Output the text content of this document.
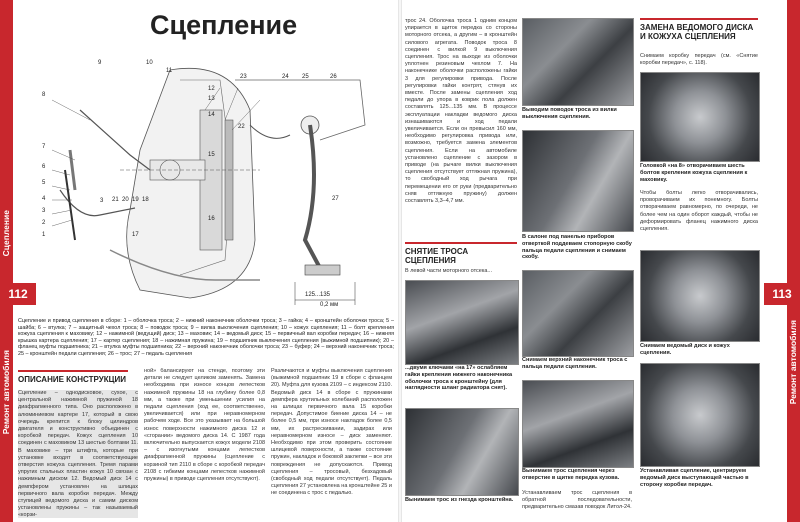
Сцепление
Ремонт автомобиля
112	113
Ремонт автомобиля
Сцепление
9
8
7
6
5
4
3
2
1
3
10
11
12
13
14
15
16
21 20 19 18
17
23	24 25	26
22
27
125...135
0,2 мм
Сцепление и привод сцепления в сборе: 1 – оболочка троса; 2 – нижний наконечник оболочки троса; 3 – гайка; 4 – кронштейн оболочки троса; 5 – шайба; 6 – втулка; 7 – защитный чехол троса; 8 – поводок троса; 9 – вилка выключения сцепления; 10 – кожух сцепления; 11 – болт крепления кожуха сцепления к маховику; 12 – нажимной (ведущий) диск; 13 – маховик; 14 – ведомый диск; 15 – первичный вал коробки передач; 16 – нижняя крышка картера сцепления; 17 – картер сцепления; 18 – нажимная пружина; 19 – подшипник выключения сцепления (выжимной подшипник); 20 – фланец муфты подшипника; 21 – втулка муфты подшипника; 22 – верхний наконечник оболочки троса; 23 – буфер; 24 – верхний наконечник троса; 25 – кронштейн педали сцепления; 26 – трос; 27 – педаль сцепления
ОПИСАНИЕ КОНСТРУКЦИИ
Сцепление – однодисковое, сухое, с центральной нажимной пружиной 18 диафрагменного типа. Оно расположено в алюминиевом картере 17, который в свою очередь крепится к блоку цилиндров двигателя и конструктивно объединен с коробкой передач. Кожух сцепления 10 соединен с маховиком 13 шестью болтами 11. В маховике – три штифта, которые при установке входят в соответствующие отверстия кожуха сцепления. Тремя парами упругих стальных пластин кожух 10 связан с нажимным диском 12. Ведомый диск 14 с демпфером установлен на шлицах первичного вала коробки передач. Между ступицей ведомого диска и самим диском установлены пружины – так называемый «корзи-
ной» балансируют на стенде, поэтому эти детали не следует целиком заменять. Замена необходима при износе концов лепестков нажимной пружины 18 на глубину более 0,8 мм, а также при уменьшении усилия на педали сцепления (ход ее, соответственно, увеличивается) или при неравномерном рабочем ходе. Все это указывает на большой износ поверхности нажимного диска 12 и «сгорании» ведомого диска 14. С 1987 года включительно выпускается кожух модели 2108 – с изогнутыми концами лепестков диафрагменной пружины (сцепление с корзиной тип 2110 в сборе с коробкой передач 2108 с гибкими концами лепестков нажимной пружины) в приводе сцепления отсутствуют).
Различаются и муфты выключения сцепления (выжимной подшипник 19 в сборе с фланцем 20). Муфта для кузова 2109 – с индексом 2110. Ведомый диск 14 в сборе с пружинами демпфера крутильных колебаний расположен на шлицах первичного вала 15 коробки передач. Допустимое биение диска 14 – не более 0,5 мм, при износе накладок более 0,5 мм, их растрескивании, задирах или неравномерном износе – диск заменяют. Необходимо при этом проверить состояние шлицевой поверхности, а также состояние пружин, накладок и боковой заклепки – все эти повреждения не допускаются. Привод сцепления – тросовый, безхадовый (свободный ход педали отсутствует). Педаль сцепления 27 установлена на кронштейне 25 и не соединена с трос с педалью.
трос 24. Оболочка троса 1 одним концом упирается в щиток передка со стороны моторного отсека, а другим – в кронштейн силового агрегата. Поводок троса 8 соединен с вилкой 9 выключения сцепления. Трос на выходе из оболочки уплотнен резиновым чехлом 7. На наконечнике оболочки расположены гайки 3 для регулировки привода. После регулировки гайки контрят, стянув их вместе. После замены сцепления ход педали до упора в коврик пола должен составлять 125...135 мм. В процессе эксплуатации накладки ведомого диска изнашиваются и ход педали увеличивается. Если он превысил 160 мм, необходимо регулировка привода или, возможно, требуется замена элементов сцепления. Если на автомобиле установлено сцепление с зазором в приводе (на рычаге вилки выключения сцепления отсутствует оттяжная пружина), то свободный ход рычага при перемещении его от руки (предварительно сняв оттяжную пружину) должен составлять 3,3–4,7 мм.
Выводим поводок троса из вилки выключения сцепления.
В салоне под панелью приборов отверткой поддеваем стопорную скобу пальца педали сцепления и снимаем скобу.
СНЯТИЕ ТРОСА СЦЕПЛЕНИЯ
В левой части моторного отсека...
...двумя ключами «на 17» ослабляем гайки крепления нижнего наконечника оболочки троса к кронштейну (для наглядности шланг радиатора снят).
Снимаем верхний наконечник троса с пальца педали сцепления.
Вынимаем трос из гнезда кронштейна.
Вынимаем трос сцепления через отверстие в щитке передка кузова.
Устанавливаем трос сцепления в обратной последовательности, предварительно смазав поводок Литол-24.
ЗАМЕНА ВЕДОМОГО ДИСКА И КОЖУХА СЦЕПЛЕНИЯ
Снимаем коробку передач (см. «Снятие коробки передач», с. 118).
Головкой «на 8» отворачиваем шесть болтов крепления кожуха сцепления к маховику.
Чтобы болты легко отворачивались, проворачиваем их понемногу. Болты отворачиваем равномерно, по очереди, не более чем на один оборот каждый, чтобы не деформировать фланец нажимного диска сцепления.
Снимаем ведомый диск и кожух сцепления.
Устанавливая сцепление, центрируем ведомый диск выступающей частью в сторону коробки передач.
